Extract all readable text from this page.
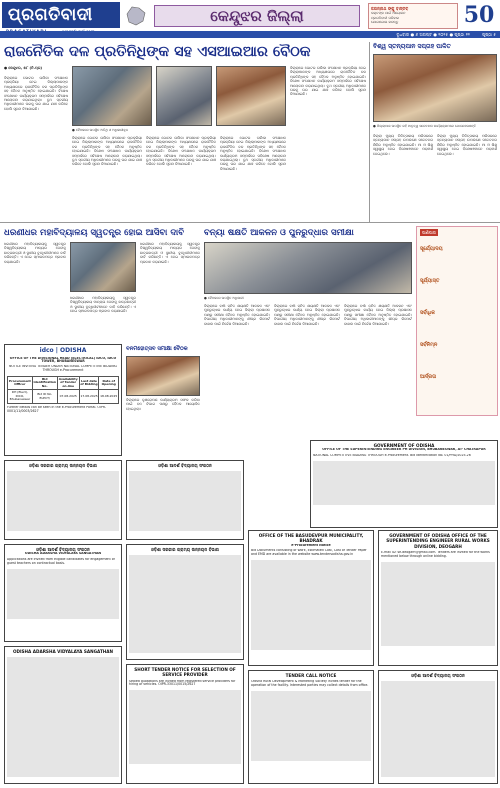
ପ୍ରଗତିବାଦୀ	କେନ୍ଦୁଝର ଜିଲ୍ଲା	ଜଗନ୍ନାଥ ଙ୍କୁ ବାସ୍ତବ
ଭକ୍ତଙ୍କ ପାଇଁ ଆୟୋଜନ
ପ୍ରଗତିବାଦୀ ପରିବାର
ଯୋଗାଯୋଗ କରନ୍ତୁ	50
ବୁଧବାର ● ୬ ଅଗଷ୍ଟ ● ୨୦୨୫ ● ପୃଷ୍ଠା ୧୨	ପୃଷ୍ଠା ୫
ରାଜନୈତିକ ଦଳ ପ୍ରତିନିଧିଙ୍କ ସହ ଏସଆଇଆର ବୈଠକ
● କେନ୍ଦୁଝର, ୫ା୮ (ନି.ପ୍ର)
ଜିଲ୍ଲାରେ ଭୋଟର ତାଲିକା ସଂଶୋଧନ ପ୍ରକ୍ରିୟା ନେଇ ଜିଲ୍ଲାପାଳଙ୍କ ଅଧ୍ୟକ୍ଷତାରେ ରାଜନୈତିକ ଦଳ ପ୍ରତିନିଧିଙ୍କ ସହ ବୈଠକ ଅନୁଷ୍ଠିତ ହୋଇଯାଇଛି। ବିଶେଷ ସଂଶୋଧନ କାର୍ଯ୍ୟକ୍ରମ ସମ୍ପର୍କରେ ସବିଶେଷ ଆଲୋଚନା କରାଯାଇଥିଲା। ବୁଥ ସ୍ତରୀୟ ଅଧିକାରୀମାନେ ଘରକୁ ଘର ଯାଇ ଯାଞ୍ଚ କରିବେ ବୋଲି ସୂଚନା ଦିଆଯାଇଛି।
● ବୈଠକରେ ଉପସ୍ଥିତ ଅତିଥି ଓ ଅଧିକାରୀବୃନ୍ଦ
ଜିଲ୍ଲାରେ ଭୋଟର ତାଲିକା ସଂଶୋଧନ ପ୍ରକ୍ରିୟା ନେଇ ଜିଲ୍ଲାପାଳଙ୍କ ଅଧ୍ୟକ୍ଷତାରେ ରାଜନୈତିକ ଦଳ ପ୍ରତିନିଧିଙ୍କ ସହ ବୈଠକ ଅନୁଷ୍ଠିତ ହୋଇଯାଇଛି। ବିଶେଷ ସଂଶୋଧନ କାର୍ଯ୍ୟକ୍ରମ ସମ୍ପର୍କରେ ସବିଶେଷ ଆଲୋଚନା କରାଯାଇଥିଲା। ବୁଥ ସ୍ତରୀୟ ଅଧିକାରୀମାନେ ଘରକୁ ଘର ଯାଇ ଯାଞ୍ଚ କରିବେ ବୋଲି ସୂଚନା ଦିଆଯାଇଛି।
ଜିଲ୍ଲାରେ ଭୋଟର ତାଲିକା ସଂଶୋଧନ ପ୍ରକ୍ରିୟା ନେଇ ଜିଲ୍ଲାପାଳଙ୍କ ଅଧ୍ୟକ୍ଷତାରେ ରାଜନୈତିକ ଦଳ ପ୍ରତିନିଧିଙ୍କ ସହ ବୈଠକ ଅନୁଷ୍ଠିତ ହୋଇଯାଇଛି। ବିଶେଷ ସଂଶୋଧନ କାର୍ଯ୍ୟକ୍ରମ ସମ୍ପର୍କରେ ସବିଶେଷ ଆଲୋଚନା କରାଯାଇଥିଲା। ବୁଥ ସ୍ତରୀୟ ଅଧିକାରୀମାନେ ଘରକୁ ଘର ଯାଇ ଯାଞ୍ଚ କରିବେ ବୋଲି ସୂଚନା ଦିଆଯାଇଛି।
ଜିଲ୍ଲାରେ ଭୋଟର ତାଲିକା ସଂଶୋଧନ ପ୍ରକ୍ରିୟା ନେଇ ଜିଲ୍ଲାପାଳଙ୍କ ଅଧ୍ୟକ୍ଷତାରେ ରାଜନୈତିକ ଦଳ ପ୍ରତିନିଧିଙ୍କ ସହ ବୈଠକ ଅନୁଷ୍ଠିତ ହୋଇଯାଇଛି। ବିଶେଷ ସଂଶୋଧନ କାର୍ଯ୍ୟକ୍ରମ ସମ୍ପର୍କରେ ସବିଶେଷ ଆଲୋଚନା କରାଯାଇଥିଲା। ବୁଥ ସ୍ତରୀୟ ଅଧିକାରୀମାନେ ଘରକୁ ଘର ଯାଇ ଯାଞ୍ଚ କରିବେ ବୋଲି ସୂଚନା ଦିଆଯାଇଛି।
ଜିଲ୍ଲାରେ ଭୋଟର ତାଲିକା ସଂଶୋଧନ ପ୍ରକ୍ରିୟା ନେଇ ଜିଲ୍ଲାପାଳଙ୍କ ଅଧ୍ୟକ୍ଷତାରେ ରାଜନୈତିକ ଦଳ ପ୍ରତିନିଧିଙ୍କ ସହ ବୈଠକ ଅନୁଷ୍ଠିତ ହୋଇଯାଇଛି। ବିଶେଷ ସଂଶୋଧନ କାର୍ଯ୍ୟକ୍ରମ ସମ୍ପର୍କରେ ସବିଶେଷ ଆଲୋଚନା କରାଯାଇଥିଲା। ବୁଥ ସ୍ତରୀୟ ଅଧିକାରୀମାନେ ଘରକୁ ଘର ଯାଇ ଯାଞ୍ଚ କରିବେ ବୋଲି ସୂଚନା ଦିଆଯାଇଛି।
ବିଶ୍ୱ ସ୍ତନ୍ୟପାନ ସପ୍ତାହ ପାଳିତ
● ଜିଲ୍ଲାପାଳ ଉପସ୍ଥିତ ରହି ମାତୃତ୍ୱ ସଚେତନତା କାର୍ଯ୍ୟକ୍ରମରେ ଯୋଗଦେଇଛନ୍ତି
ଜିଲ୍ଲା ମୁଖ୍ୟ ଚିକିତ୍ସାଳୟ ପରିସରରେ ସ୍ତନ୍ୟପାନ ସପ୍ତାହ ଉପଲକ୍ଷେ ସଚେତନତା ଶିବିର ଅନୁଷ୍ଠିତ ହୋଇଯାଇଛି। ମା ଓ ଶିଶୁ ସ୍ୱାସ୍ଥ୍ୟ ନେଇ ବିଶେଷଜ୍ଞମାନେ ପରାମର୍ଶ ଦେଇଥିଲେ।
ଜିଲ୍ଲା ମୁଖ୍ୟ ଚିକିତ୍ସାଳୟ ପରିସରରେ ସ୍ତନ୍ୟପାନ ସପ୍ତାହ ଉପଲକ୍ଷେ ସଚେତନତା ଶିବିର ଅନୁଷ୍ଠିତ ହୋଇଯାଇଛି। ମା ଓ ଶିଶୁ ସ୍ୱାସ୍ଥ୍ୟ ନେଇ ବିଶେଷଜ୍ଞମାନେ ପରାମର୍ଶ ଦେଇଥିଲେ।
ଧରଣୀଧର ମହାବିଦ୍ୟାଳୟ ସ୍ୱତନ୍ତ୍ର ହୋଇ ଆସିବା ଦାବି
ଧରଣୀଧର ମହାବିଦ୍ୟାଳୟକୁ ସ୍ୱତନ୍ତ୍ର ବିଶ୍ୱବିଦ୍ୟାଳୟ ମାନ୍ୟତା ଦେବାକୁ ଛାତ୍ରଛାତ୍ରୀ ଓ ସ୍ଥାନୀୟ ବୁଦ୍ଧିଜୀବୀମାନେ ଦାବି କରିଛନ୍ତି। ଏ ନେଇ ସ୍ମାରକପତ୍ର ପ୍ରଦାନ କରାଯାଇଛି।
ଧରଣୀଧର ମହାବିଦ୍ୟାଳୟକୁ ସ୍ୱତନ୍ତ୍ର ବିଶ୍ୱବିଦ୍ୟାଳୟ ମାନ୍ୟତା ଦେବାକୁ ଛାତ୍ରଛାତ୍ରୀ ଓ ସ୍ଥାନୀୟ ବୁଦ୍ଧିଜୀବୀମାନେ ଦାବି କରିଛନ୍ତି। ଏ ନେଇ ସ୍ମାରକପତ୍ର ପ୍ରଦାନ କରାଯାଇଛି।
ଧରଣୀଧର ମହାବିଦ୍ୟାଳୟକୁ ସ୍ୱତନ୍ତ୍ର ବିଶ୍ୱବିଦ୍ୟାଳୟ ମାନ୍ୟତା ଦେବାକୁ ଛାତ୍ରଛାତ୍ରୀ ଓ ସ୍ଥାନୀୟ ବୁଦ୍ଧିଜୀବୀମାନେ ଦାବି କରିଛନ୍ତି। ଏ ନେଇ ସ୍ମାରକପତ୍ର ପ୍ରଦାନ କରାଯାଇଛି।
ବନ୍ୟା ଷକ୍ଷତି ଆକଳନ ଓ ପୁନରୁଦ୍ଧାର ସମୀକ୍ଷା
● ବୈଠକରେ ଉପସ୍ଥିତ ଅଧିକାରୀ
ଜିଲ୍ଲାରେ ବର୍ଷା ଜନିତ କ୍ଷୟକ୍ଷତି ଆକଳନ ଏବଂ ପୁନରୁଦ୍ଧାର କାର୍ଯ୍ୟ ନେଇ ଜିଲ୍ଲା ପ୍ରଶାସନ ପକ୍ଷରୁ ସମୀକ୍ଷା ବୈଠକ ଅନୁଷ୍ଠିତ ହୋଇଯାଇଛି। ବିଭାଗୀୟ ଅଧିକାରୀମାନଙ୍କୁ ଶୀଘ୍ର ରିପୋର୍ଟ ଦାଖଲ ପାଇଁ ନିର୍ଦ୍ଦେଶ ଦିଆଯାଇଛି।
ଜିଲ୍ଲାରେ ବର୍ଷା ଜନିତ କ୍ଷୟକ୍ଷତି ଆକଳନ ଏବଂ ପୁନରୁଦ୍ଧାର କାର୍ଯ୍ୟ ନେଇ ଜିଲ୍ଲା ପ୍ରଶାସନ ପକ୍ଷରୁ ସମୀକ୍ଷା ବୈଠକ ଅନୁଷ୍ଠିତ ହୋଇଯାଇଛି। ବିଭାଗୀୟ ଅଧିକାରୀମାନଙ୍କୁ ଶୀଘ୍ର ରିପୋର୍ଟ ଦାଖଲ ପାଇଁ ନିର୍ଦ୍ଦେଶ ଦିଆଯାଇଛି।
ଜିଲ୍ଲାରେ ବର୍ଷା ଜନିତ କ୍ଷୟକ୍ଷତି ଆକଳନ ଏବଂ ପୁନରୁଦ୍ଧାର କାର୍ଯ୍ୟ ନେଇ ଜିଲ୍ଲା ପ୍ରଶାସନ ପକ୍ଷରୁ ସମୀକ୍ଷା ବୈଠକ ଅନୁଷ୍ଠିତ ହୋଇଯାଇଛି। ବିଭାଗୀୟ ଅଧିକାରୀମାନଙ୍କୁ ଶୀଘ୍ର ରିପୋର୍ଟ ଦାଖଲ ପାଇଁ ନିର୍ଦ୍ଦେଶ ଦିଆଯାଇଛି।
ପାଣିପାଗ
ସୂର୍ଯ୍ୟୋଦୟ
ସୂର୍ଯ୍ୟାସ୍ତ
ସର୍ବାଧିକ
ସର୍ବନିମ୍ନ
ଆର୍ଦ୍ରତା
idco | ODISHA
OFFICE OF THE DIVISIONAL HEAD (ELECTRICAL) IDCO, IDCO TOWER, BHUBANESWAR
NOTICE INVITING TENDER UNDER NATIONAL COMPETITIVE BIDDING THROUGH e-Procurement
Procurement Officer	Bid Identification No.	Availability of Tender on-line	Last date of Bidding	Date of Opening
DH (Elect), IDCO, Bhubaneswar	Bid ID No. ELECT/	07.08.2025	17.08.2025	18.08.2025
Further details can be seen in the e-Procurement Portal. OIPR- 0001/11/0003/2627
ବନମହୋତ୍ସବ ସମୀକ୍ଷା ବୈଠକ
ଜିଲ୍ଲାରେ ବୃକ୍ଷରୋପଣ କାର୍ଯ୍ୟକ୍ରମ ସଫଳ କରିବା ପାଇଁ ବନ ବିଭାଗ ପକ୍ଷରୁ ବୈଠକ ଆୟୋଜିତ ହୋଇଥିଲା।
GOVERNMENT OF ODISHA
OFFICE OF THE SUPERINTENDING ENGINEER PH DIVISION, BHUBANESWAR, AT- CHATRAPUR
NATIONAL COMPETITIVE BIDDING THROUGH e-Procurement. Bid Identification No. 01/PHD/2025-26
ଓଡ଼ିଶା ସରକାର ଗ୍ରାମ୍ୟ ଉନ୍ନୟନ ବିଭାଗ	ଓଡ଼ିଶା ଆଦର୍ଶ ବିଦ୍ୟାଳୟ ସଂଗଠନ
OFFICE OF THE BASUDEVPUR MUNICIPALITY, BHADRAK
e-Procurement Notice
Bid Documents consisting of Work, Estimated Cost, Cost of Tender Paper and EMD are available in the website www.tendersodisha.gov.in
GOVERNMENT OF ODISHA OFFICE OF THE SUPERINTENDING ENGINEER RURAL WORKS DIVISION, DEOGARH
E-mail ID: se-deogarh@gmail.com. Tenders are invited for the works mentioned below through online bidding.
ଓଡ଼ିଶା ଆଦର୍ଶ ବିଦ୍ୟାଳୟ ସଂଗଠନ
ODISHA ADARSHA VIDYALAYA SANGATHAN
Applications are invited from eligible candidates for engagement of guest teachers on contractual basis.
SHORT TENDER NOTICE FOR SELECTION OF SERVICE PROVIDER
Sealed quotations are invited from registered service providers for hiring of vehicles. OIPR-33011/0015/2627
TENDER CALL NOTICE
Odisha Rural Development & Marketing Society invites tender for the operation of the facility. Interested parties may collect details from office.
ODISHA ADARSHA VIDYALAYA SANGATHAN
ଓଡ଼ିଶା ଆଦର୍ଶ ବିଦ୍ୟାଳୟ ସଂଗଠନ
ଓଡ଼ିଶା ସରକାର ଗ୍ରାମ୍ୟ ଉନ୍ନୟନ ବିଭାଗ
